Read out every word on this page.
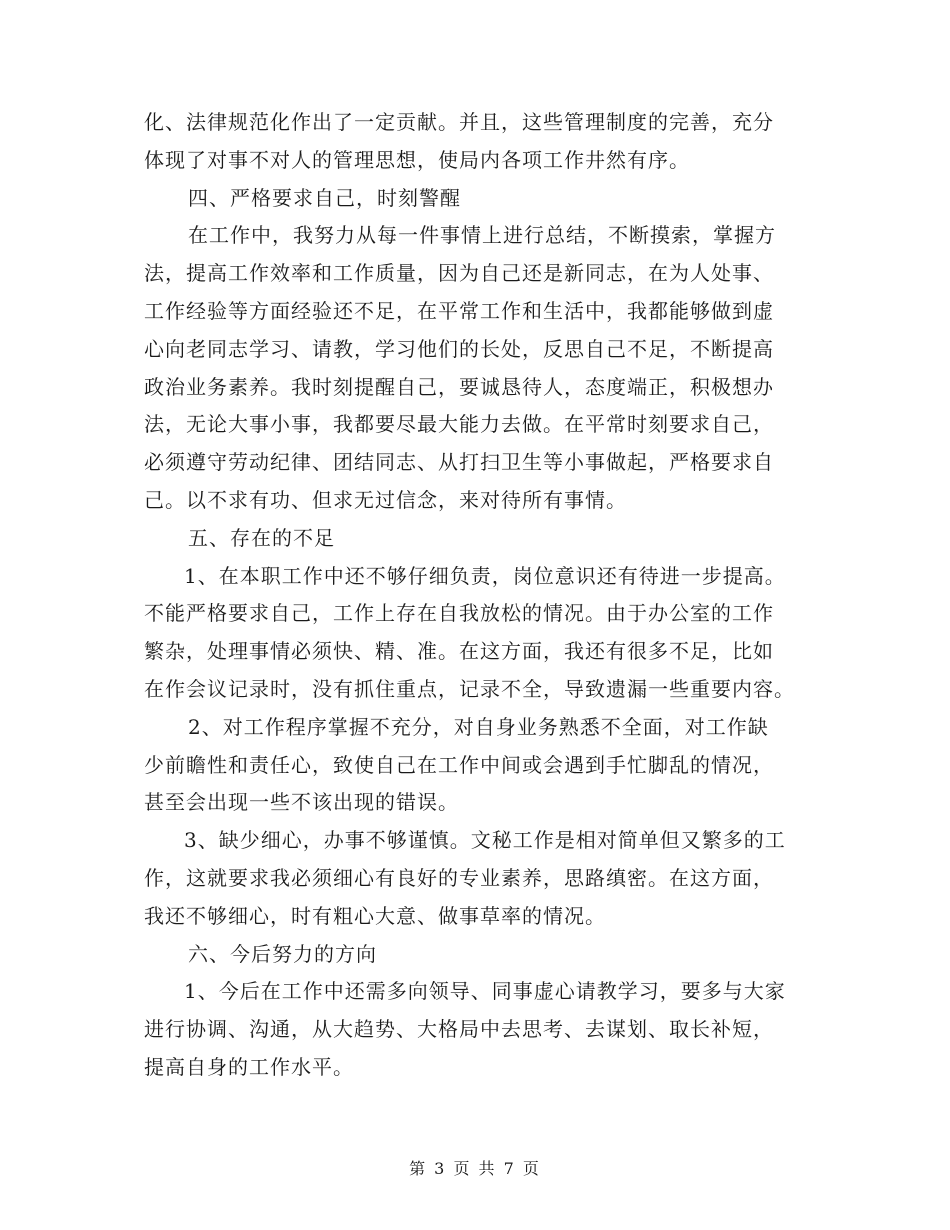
化、法律规范化作出了一定贡献。并且，这些管理制度的完善，充分
体现了对事不对人的管理思想，使局内各项工作井然有序。
四、严格要求自己，时刻警醒
在工作中，我努力从每一件事情上进行总结，不断摸索，掌握方
法，提高工作效率和工作质量，因为自己还是新同志，在为人处事、
工作经验等方面经验还不足，在平常工作和生活中，我都能够做到虚
心向老同志学习、请教，学习他们的长处，反思自己不足，不断提高
政治业务素养。我时刻提醒自己，要诚恳待人，态度端正，积极想办
法，无论大事小事，我都要尽最大能力去做。在平常时刻要求自己，
必须遵守劳动纪律、团结同志、从打扫卫生等小事做起，严格要求自
己。以不求有功、但求无过信念，来对待所有事情。
五、存在的不足
1、在本职工作中还不够仔细负责，岗位意识还有待进一步提高。
不能严格要求自己，工作上存在自我放松的情况。由于办公室的工作
繁杂，处理事情必须快、精、准。在这方面，我还有很多不足，比如
在作会议记录时，没有抓住重点，记录不全，导致遗漏一些重要内容。
2、对工作程序掌握不充分，对自身业务熟悉不全面，对工作缺
少前瞻性和责任心，致使自己在工作中间或会遇到手忙脚乱的情况，
甚至会出现一些不该出现的错误。
3、缺少细心，办事不够谨慎。文秘工作是相对简单但又繁多的工
作，这就要求我必须细心有良好的专业素养，思路缜密。在这方面，
我还不够细心，时有粗心大意、做事草率的情况。
六、今后努力的方向
1、今后在工作中还需多向领导、同事虚心请教学习，要多与大家
进行协调、沟通，从大趋势、大格局中去思考、去谋划、取长补短，
提高自身的工作水平。
第 3 页 共 7 页
